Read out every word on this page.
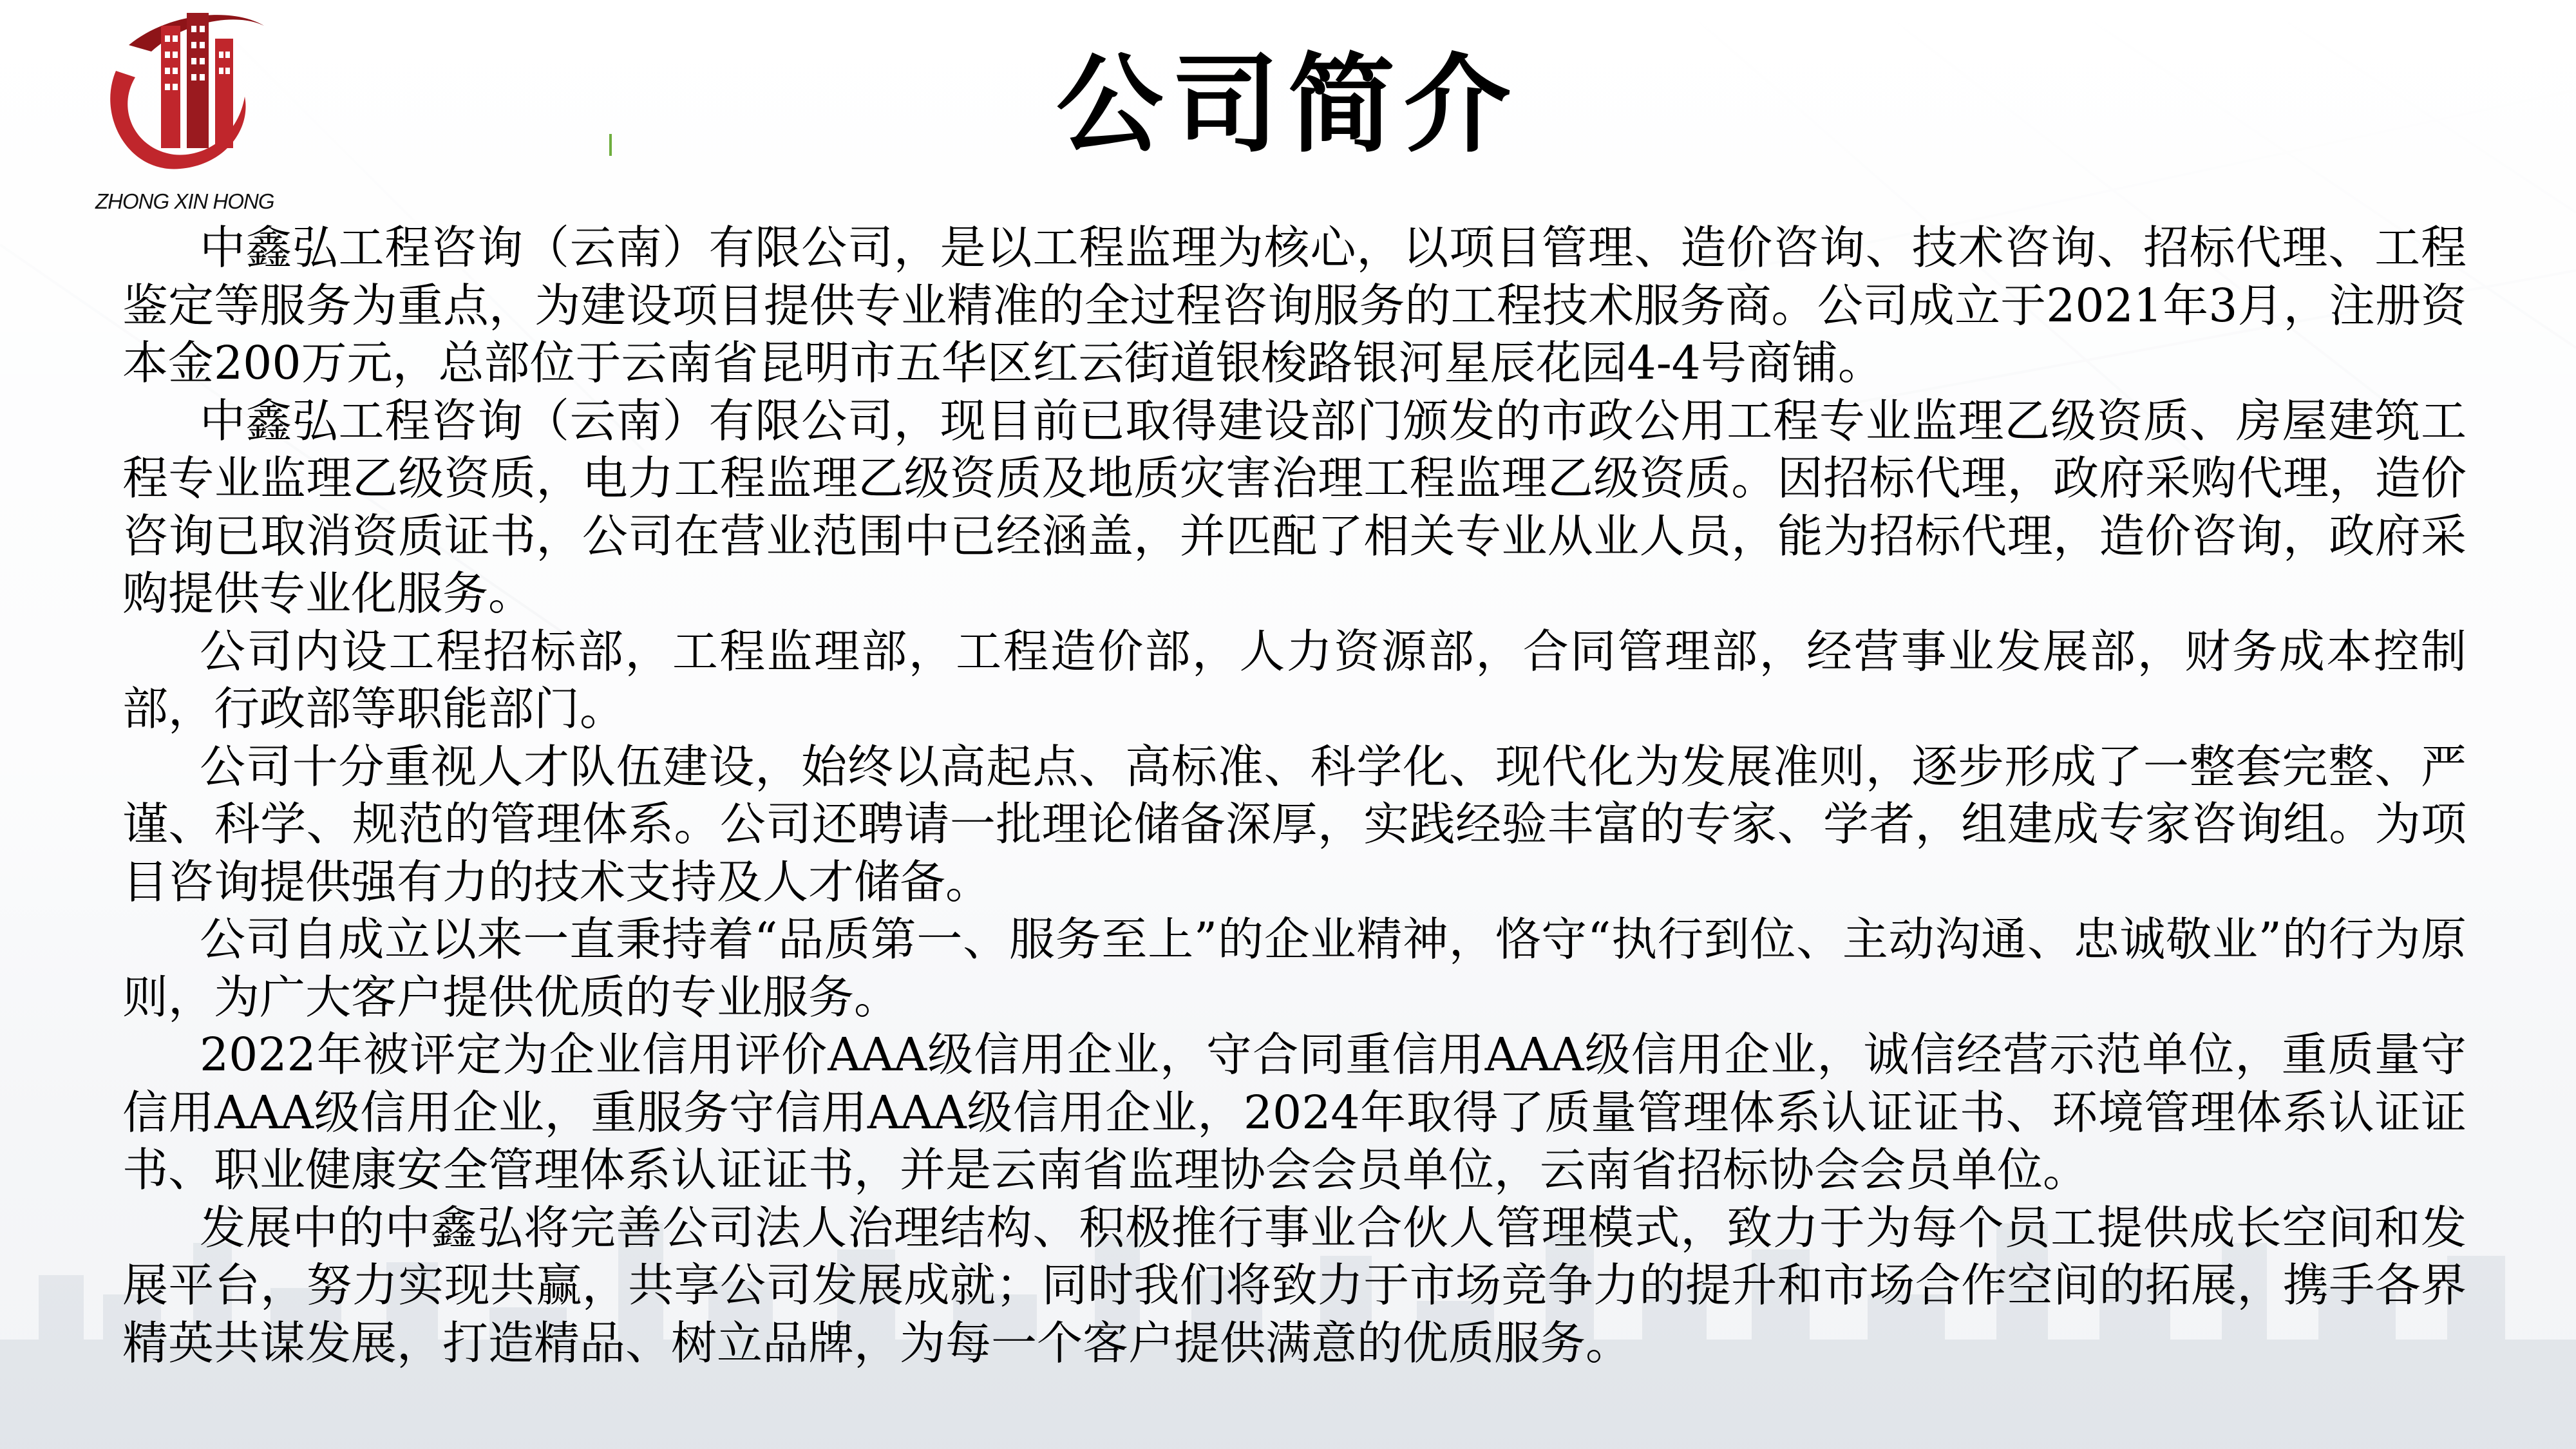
ZHONG XIN HONG
公司简介

中鑫弘工程咨询（云南）有限公司，是以工程监理为核心，以项目管理、造价咨询、技术咨询、招标代理、工程鉴定等服务为重点，为建设项目提供专业精准的全过程咨询服务的工程技术服务商。公司成立于2021年3月，注册资本金200万元，总部位于云南省昆明市五华区红云街道银梭路银河星辰花园4-4号商铺。

中鑫弘工程咨询（云南）有限公司，现目前已取得建设部门颁发的市政公用工程专业监理乙级资质、房屋建筑工程专业监理乙级资质，电力工程监理乙级资质及地质灾害治理工程监理乙级资质。因招标代理，政府采购代理，造价咨询已取消资质证书，公司在营业范围中已经涵盖，并匹配了相关专业从业人员，能为招标代理，造价咨询，政府采购提供专业化服务。

公司内设工程招标部，工程监理部，工程造价部，人力资源部，合同管理部，经营事业发展部，财务成本控制部，行政部等职能部门。

公司十分重视人才队伍建设，始终以高起点、高标准、科学化、现代化为发展准则，逐步形成了一整套完整、严谨、科学、规范的管理体系。公司还聘请一批理论储备深厚，实践经验丰富的专家、学者，组建成专家咨询组。为项目咨询提供强有力的技术支持及人才储备。

公司自成立以来一直秉持着“品质第一、服务至上”的企业精神，恪守“执行到位、主动沟通、忠诚敬业”的行为原则，为广大客户提供优质的专业服务。

2022年被评定为企业信用评价AAA级信用企业，守合同重信用AAA级信用企业，诚信经营示范单位，重质量守信用AAA级信用企业，重服务守信用AAA级信用企业，2024年取得了质量管理体系认证证书、环境管理体系认证证书、职业健康安全管理体系认证证书，并是云南省监理协会会员单位，云南省招标协会会员单位。

发展中的中鑫弘将完善公司法人治理结构、积极推行事业合伙人管理模式，致力于为每个员工提供成长空间和发展平台，努力实现共赢，共享公司发展成就；同时我们将致力于市场竞争力的提升和市场合作空间的拓展，携手各界精英共谋发展，打造精品、树立品牌，为每一个客户提供满意的优质服务。
